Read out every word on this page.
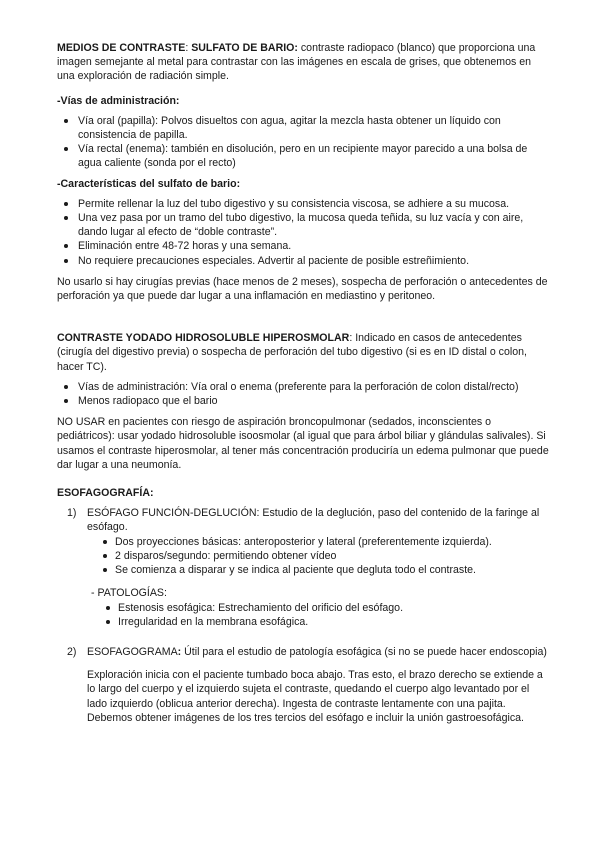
MEDIOS DE CONTRASTE: SULFATO DE BARIO: contraste radiopaco (blanco) que proporciona una imagen semejante al metal para contrastar con las imágenes en escala de grises, que obtenemos en una exploración de radiación simple.

-Vías de administración:

Vía oral (papilla): Polvos disueltos con agua, agitar la mezcla hasta obtener un líquido con consistencia de papilla.
Vía rectal (enema): también en disolución, pero en un recipiente mayor parecido a una bolsa de agua caliente (sonda por el recto)

-Características del sulfato de bario:

Permite rellenar la luz del tubo digestivo y su consistencia viscosa, se adhiere a su mucosa.
Una vez pasa por un tramo del tubo digestivo, la mucosa queda teñida, su luz vacía y con aire, dando lugar al efecto de “doble contraste”.
Eliminación entre 48-72 horas y una semana.
No requiere precauciones especiales. Advertir al paciente de posible estreñimiento.

No usarlo si hay cirugías previas (hace menos de 2 meses), sospecha de perforación o antecedentes de perforación ya que puede dar lugar a una inflamación en mediastino y peritoneo.

CONTRASTE YODADO HIDROSOLUBLE HIPEROSMOLAR: Indicado en casos de antecedentes (cirugía del digestivo previa) o sospecha de perforación del tubo digestivo (si es en ID distal o colon, hacer TC).

Vías de administración: Vía oral o enema (preferente para la perforación de colon distal/recto)
Menos radiopaco que el bario

NO USAR en pacientes con riesgo de aspiración broncopulmonar (sedados, inconscientes o pediátricos): usar yodado hidrosoluble isoosmolar (al igual que para árbol biliar y glándulas salivales). Si usamos el contraste hiperosmolar, al tener más concentración produciría un edema pulmonar que puede dar lugar a una neumonía.

ESOFAGOGRAFÍA:

1) ESÓFAGO FUNCIÓN-DEGLUCIÓN: Estudio de la deglución, paso del contenido de la faringe al esófago.

Dos proyecciones básicas: anteroposterior y lateral (preferentemente izquierda).
2 disparos/segundo: permitiendo obtener vídeo
Se comienza a disparar y se indica al paciente que degluta todo el contraste.

- PATOLOGÍAS:

Estenosis esofágica: Estrechamiento del orificio del esófago.
Irregularidad en la membrana esofágica.
2) ESOFAGOGRAMA: Útil para el estudio de patología esofágica (si no se puede hacer endoscopia)

Exploración inicia con el paciente tumbado boca abajo. Tras esto, el brazo derecho se extiende a lo largo del cuerpo y el izquierdo sujeta el contraste, quedando el cuerpo algo levantado por el lado izquierdo (oblicua anterior derecha). Ingesta de contraste lentamente con una pajita. Debemos obtener imágenes de los tres tercios del esófago e incluir la unión gastroesofágica.
